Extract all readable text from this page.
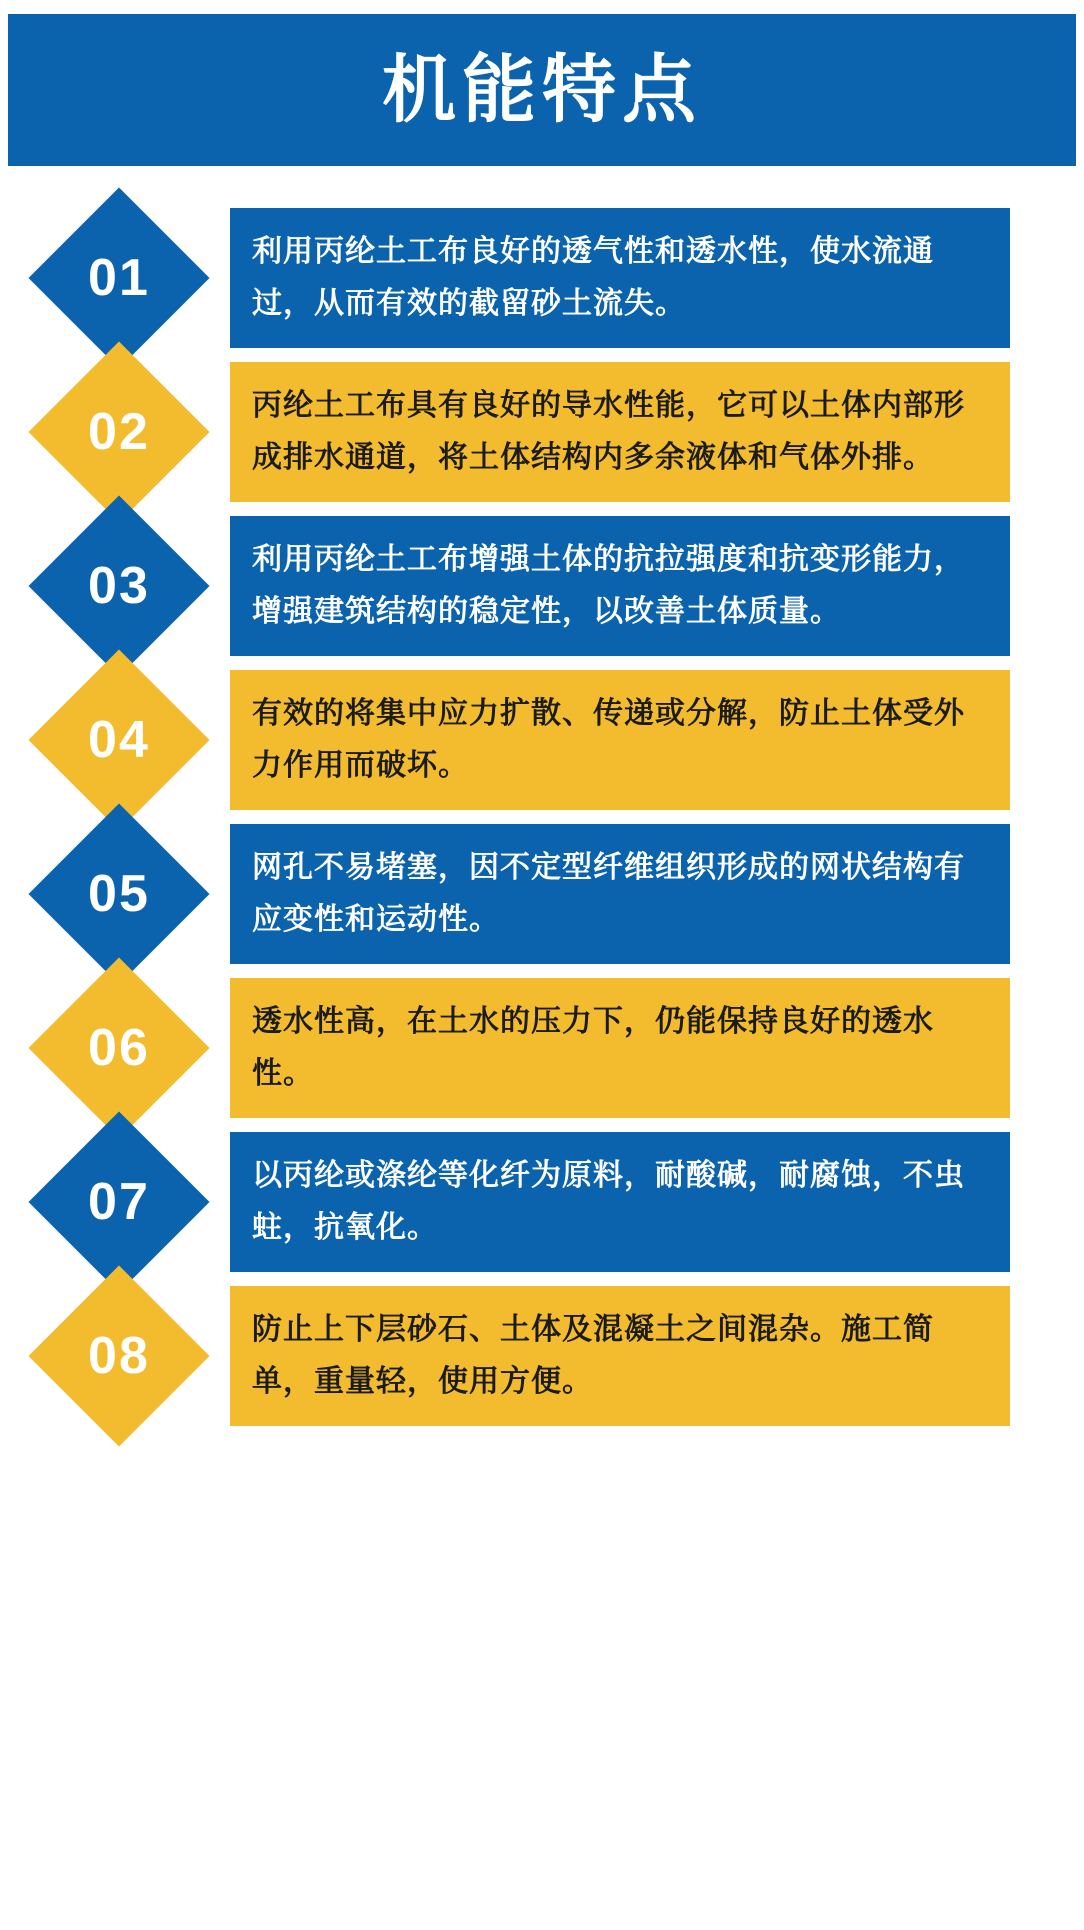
机能特点
01	利用丙纶土工布良好的透气性和透水性，使水流通过，从而有效的截留砂土流失。
02	丙纶土工布具有良好的导水性能，它可以土体内部形成排水通道，将土体结构内多余液体和气体外排。
03	利用丙纶土工布增强土体的抗拉强度和抗变形能力，增强建筑结构的稳定性，以改善土体质量。
04	有效的将集中应力扩散、传递或分解，防止土体受外力作用而破坏。
05	网孔不易堵塞，因不定型纤维组织形成的网状结构有应变性和运动性。
06	透水性高，在土水的压力下，仍能保持良好的透水性。
07	以丙纶或涤纶等化纤为原料，耐酸碱，耐腐蚀，不虫蛀，抗氧化。
08	防止上下层砂石、土体及混凝土之间混杂。施工简单，重量轻，使用方便。
